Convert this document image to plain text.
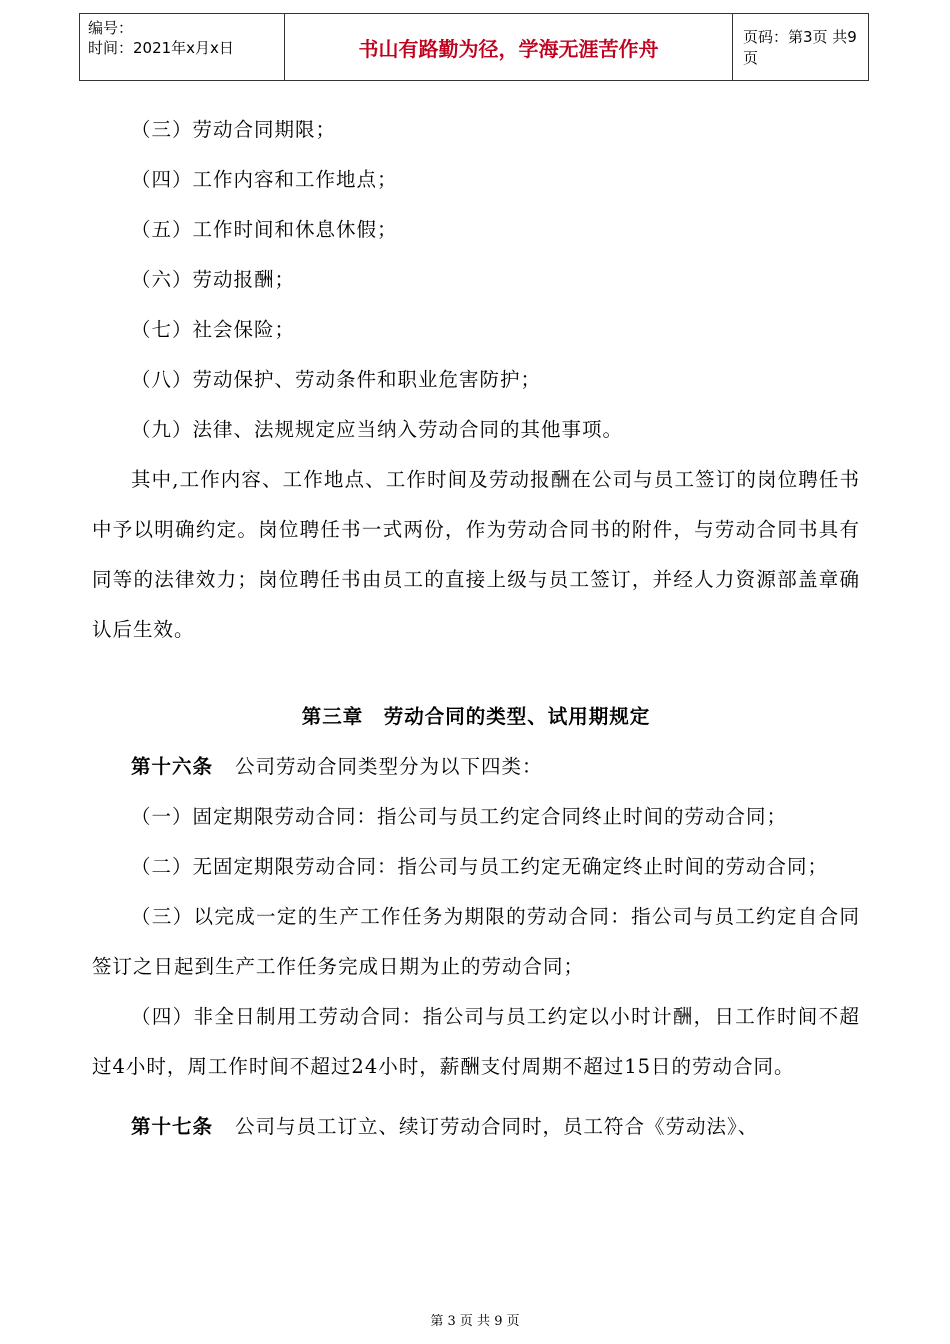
编号：
时间：2021年x月x日	书山有路勤为径，学海无涯苦作舟	页码：第3页 共9页

（三）劳动合同期限；

（四）工作内容和工作地点；

（五）工作时间和休息休假；

（六）劳动报酬；

（七）社会保险；

（八）劳动保护、劳动条件和职业危害防护；

（九）法律、法规规定应当纳入劳动合同的其他事项。

其中,工作内容、工作地点、工作时间及劳动报酬在公司与员工签订的岗位聘任书中予以明确约定。岗位聘任书一式两份，作为劳动合同书的附件，与劳动合同书具有同等的法律效力；岗位聘任书由员工的直接上级与员工签订，并经人力资源部盖章确认后生效。

第三章　劳动合同的类型、试用期规定

第十六条 公司劳动合同类型分为以下四类：

（一）固定期限劳动合同：指公司与员工约定合同终止时间的劳动合同；

（二）无固定期限劳动合同：指公司与员工约定无确定终止时间的劳动合同；

（三）以完成一定的生产工作任务为期限的劳动合同：指公司与员工约定自合同签订之日起到生产工作任务完成日期为止的劳动合同；

（四）非全日制用工劳动合同：指公司与员工约定以小时计酬，日工作时间不超过4小时，周工作时间不超过24小时，薪酬支付周期不超过15日的劳动合同。

第十七条 公司与员工订立、续订劳动合同时，员工符合《劳动法》、

第 3 页 共 9 页
